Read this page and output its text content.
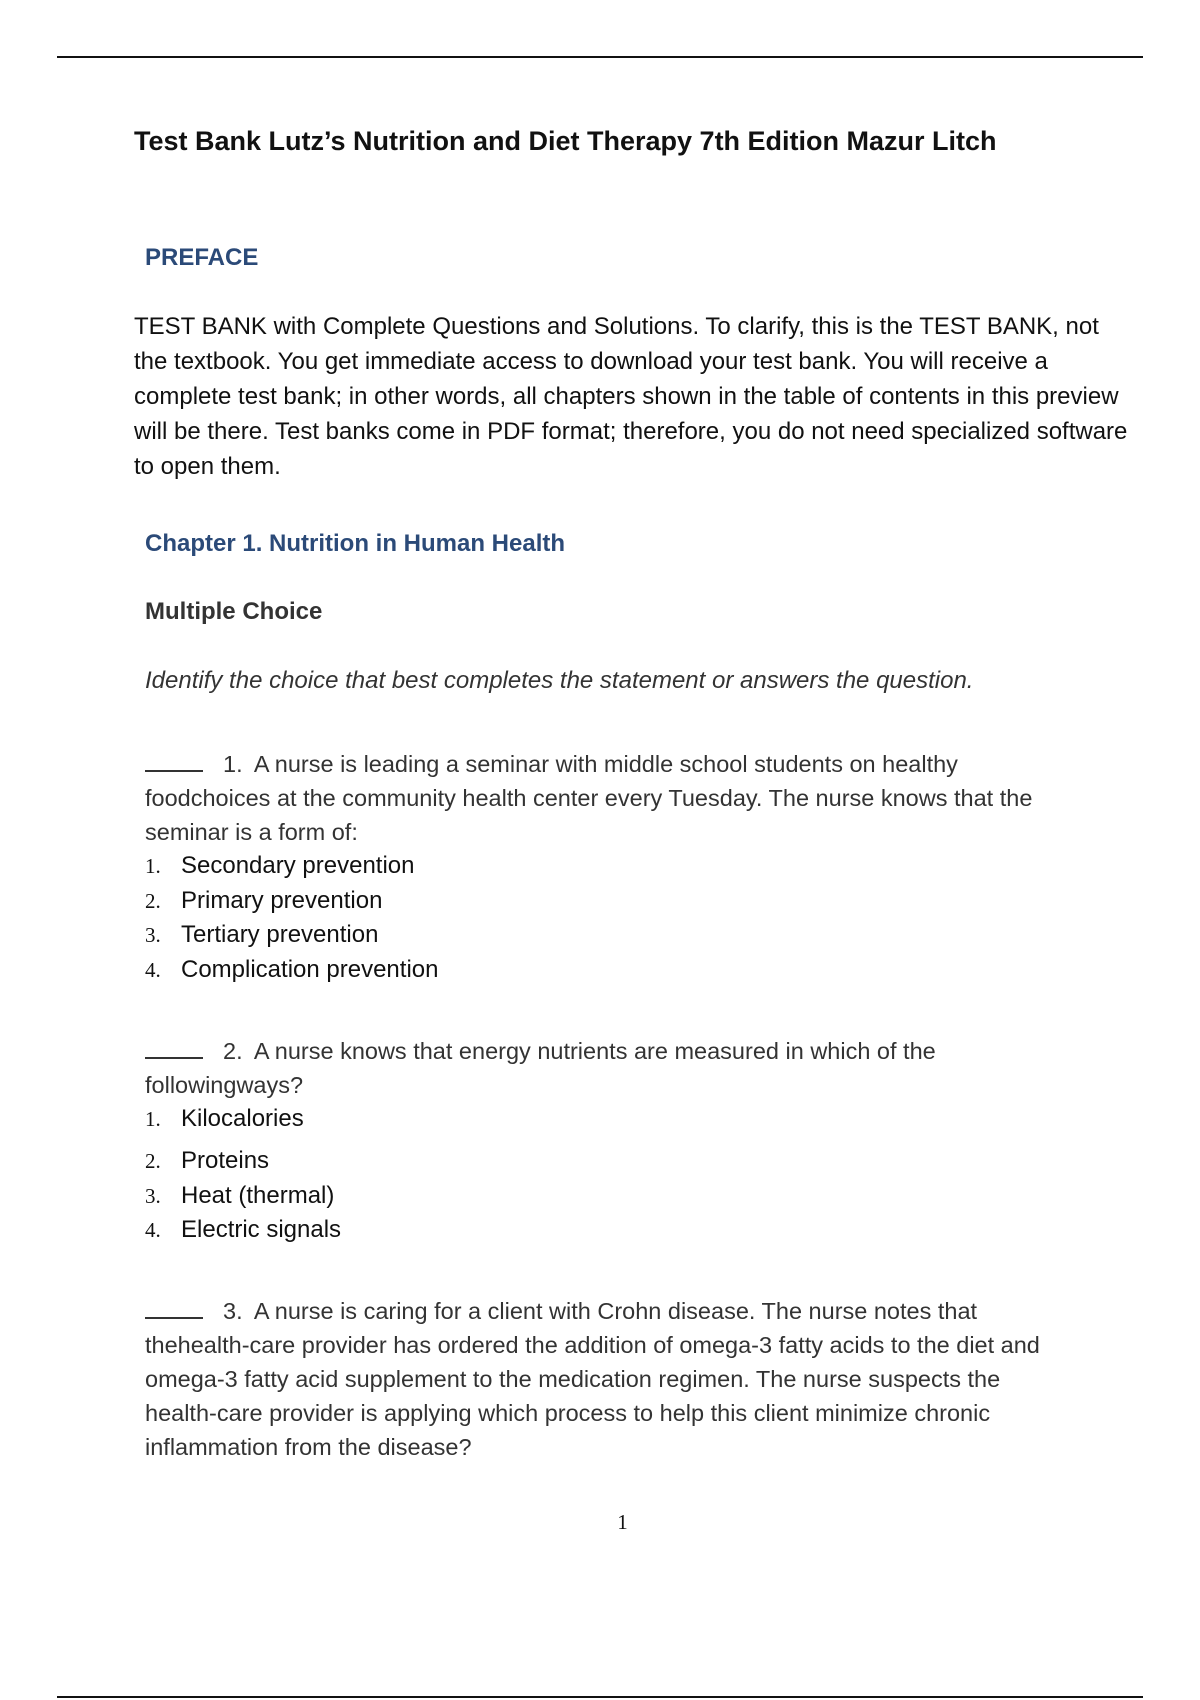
Test Bank Lutz’s Nutrition and Diet Therapy 7th Edition Mazur Litch
PREFACE
TEST BANK with Complete Questions and Solutions. To clarify, this is the TEST BANK, not the textbook. You get immediate access to download your test bank. You will receive a complete test bank; in other words, all chapters shown in the table of contents in this preview will be there. Test banks come in PDF format; therefore, you do not need specialized software to open them.
Chapter 1. Nutrition in Human Health
Multiple Choice
Identify the choice that best completes the statement or answers the question.
1. A nurse is leading a seminar with middle school students on healthy foodchoices at the community health center every Tuesday. The nurse knows that the seminar is a form of:
1. Secondary prevention
2. Primary prevention
3. Tertiary prevention
4. Complication prevention
2. A nurse knows that energy nutrients are measured in which of the followingways?
1. Kilocalories
2. Proteins
3. Heat (thermal)
4. Electric signals
3. A nurse is caring for a client with Crohn disease. The nurse notes that thehealth-care provider has ordered the addition of omega-3 fatty acids to the diet and omega-3 fatty acid supplement to the medication regimen. The nurse suspects the health-care provider is applying which process to help this client minimize chronic inflammation from the disease?
1
